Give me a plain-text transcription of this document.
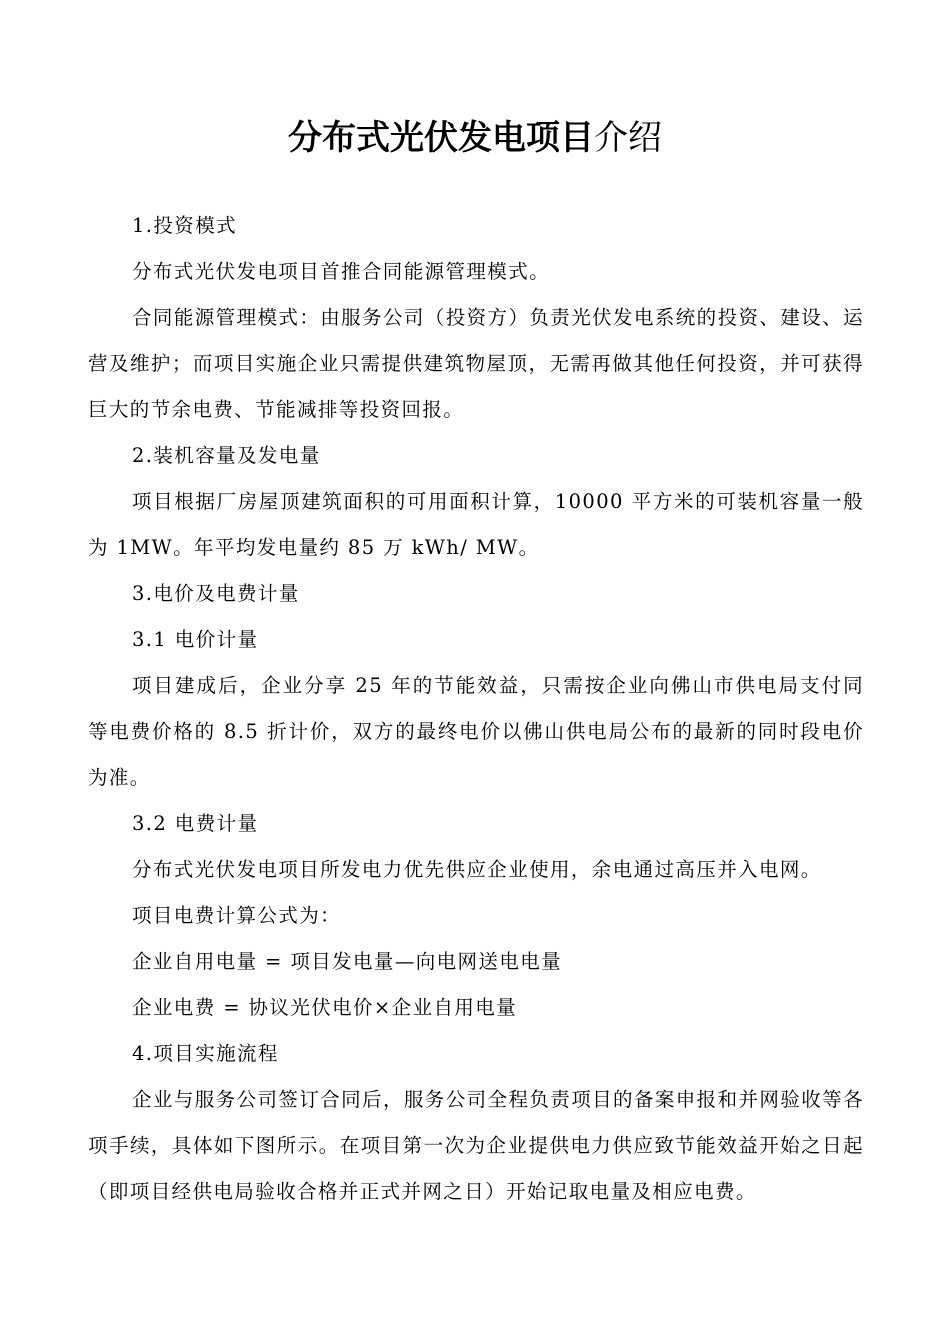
分布式光伏发电项目介绍

1.投资模式

分布式光伏发电项目首推合同能源管理模式。

合同能源管理模式：由服务公司（投资方）负责光伏发电系统的投资、建设、运营及维护；而项目实施企业只需提供建筑物屋顶，无需再做其他任何投资，并可获得巨大的节余电费、节能减排等投资回报。

2.装机容量及发电量

项目根据厂房屋顶建筑面积的可用面积计算，10000 平方米的可装机容量一般为 1MW。年平均发电量约 85 万 kWh/ MW。

3.电价及电费计量

3.1 电价计量

项目建成后，企业分享 25 年的节能效益，只需按企业向佛山市供电局支付同等电费价格的 8.5 折计价，双方的最终电价以佛山供电局公布的最新的同时段电价为准。

3.2 电费计量

分布式光伏发电项目所发电力优先供应企业使用，余电通过高压并入电网。

项目电费计算公式为：

企业自用电量 = 项目发电量—向电网送电电量

企业电费 = 协议光伏电价×企业自用电量

4.项目实施流程

企业与服务公司签订合同后，服务公司全程负责项目的备案申报和并网验收等各项手续，具体如下图所示。在项目第一次为企业提供电力供应致节能效益开始之日起（即项目经供电局验收合格并正式并网之日）开始记取电量及相应电费。
